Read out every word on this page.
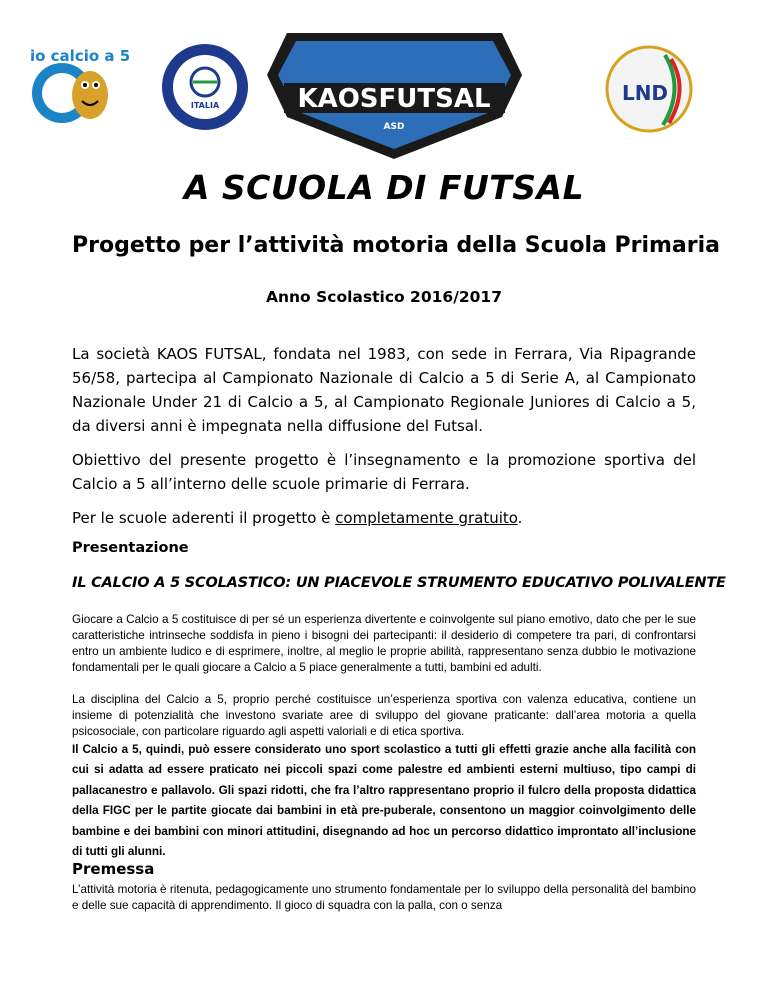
io calcio a 5
ITALIA	KAOSFUTSAL
ASD
LND
A SCUOLA DI FUTSAL
Progetto per l’attività motoria della Scuola Primaria
Anno Scolastico 2016/2017
La società KAOS FUTSAL, fondata nel 1983, con sede in Ferrara, Via Ripagrande 56/58, partecipa al Campionato Nazionale di Calcio a 5 di Serie A, al Campionato Nazionale Under 21 di Calcio a 5, al Campionato Regionale Juniores di Calcio a 5, da diversi anni è impegnata nella diffusione del Futsal.
Obiettivo del presente progetto è l’insegnamento e la promozione sportiva del Calcio a 5 all’interno delle scuole primarie di Ferrara.
Per le scuole aderenti il progetto è completamente gratuito.
Presentazione
IL CALCIO A 5 SCOLASTICO: UN PIACEVOLE STRUMENTO EDUCATIVO POLIVALENTE
Giocare a Calcio a 5 costituisce di per sé un esperienza divertente e coinvolgente sul piano emotivo, dato che per le sue caratteristiche intrinseche soddisfa in pieno i bisogni dei partecipanti: il desiderio di competere tra pari, di confrontarsi entro un ambiente ludico e di esprimere, inoltre, al meglio le proprie abilità, rappresentano senza dubbio le motivazione fondamentali per le quali giocare a Calcio a 5 piace generalmente a tutti, bambini ed adulti.
La disciplina del Calcio a 5, proprio perché costituisce un’esperienza sportiva con valenza educativa, contiene un insieme di potenzialità che investono svariate aree di sviluppo del giovane praticante: dall’area motoria a quella psicosociale, con particolare riguardo agli aspetti valoriali e di etica sportiva.
Il Calcio a 5, quindi, può essere considerato uno sport scolastico a tutti gli effetti grazie anche alla facilità con cui si adatta ad essere praticato nei piccoli spazi come palestre ed ambienti esterni multiuso, tipo campi di pallacanestro e pallavolo. Gli spazi ridotti, che fra l’altro rappresentano proprio il fulcro della proposta didattica della FIGC per le partite giocate dai bambini in età pre-puberale, consentono un maggior coinvolgimento delle bambine e dei bambini con minori attitudini, disegnando ad hoc un percorso didattico improntato all’inclusione di tutti gli alunni.
Premessa
L’attività motoria è ritenuta, pedagogicamente uno strumento fondamentale per lo sviluppo della personalità del bambino e delle sue capacità di apprendimento. Il gioco di squadra con la palla, con o senza
